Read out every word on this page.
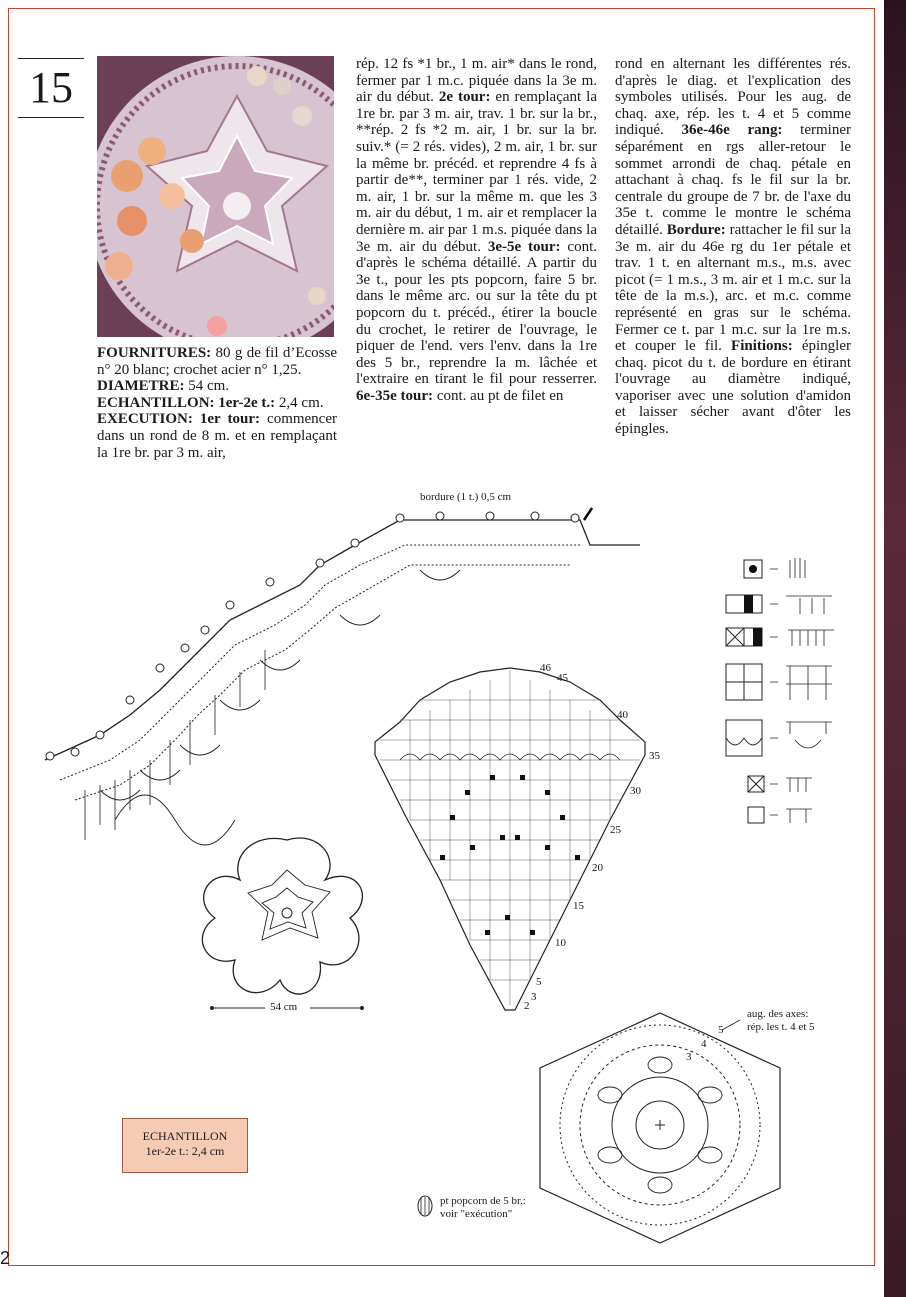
2
15
FOURNITURES: 80 g de fil d’Ecosse n° 20 blanc; crochet acier n° 1,25.
DIAMETRE: 54 cm.
ECHANTILLON: 1er-2e t.: 2,4 cm.
EXECUTION: 1er tour: commencer dans un rond de 8 m. et en remplaçant la 1re br. par 3 m. air,
rép. 12 fs *1 br., 1 m. air* dans le rond, fermer par 1 m.c. piquée dans la 3e m. air du début. 2e tour: en remplaçant la 1re br. par 3 m. air, trav. 1 br. sur la br., **rép. 2 fs *2 m. air, 1 br. sur la br. suiv.* (= 2 rés. vides), 2 m. air, 1 br. sur la même br. précéd. et reprendre 4 fs à partir de**, terminer par 1 rés. vide, 2 m. air, 1 br. sur la même m. que les 3 m. air du début, 1 m. air et remplacer la dernière m. air par 1 m.s. piquée dans la 3e m. air du début. 3e-5e tour: cont. d'après le schéma détaillé. A partir du 3e t., pour les pts popcorn, faire 5 br. dans le même arc. ou sur la tête du pt popcorn du t. précéd., étirer la boucle du crochet, le retirer de l'ouvrage, le piquer de l'end. vers l'env. dans la 1re des 5 br., reprendre la m. lâchée et l'extraire en tirant le fil pour resserrer. 6e-35e tour: cont. au pt de filet en
rond en alternant les différentes rés. d'après le diag. et l'explication des symboles utilisés. Pour les aug. de chaq. axe, rép. les t. 4 et 5 comme indiqué. 36e-46e rang: terminer séparément en rgs aller-retour le sommet arrondi de chaq. pétale en attachant à chaq. fs le fil sur la br. centrale du groupe de 7 br. de l'axe du 35e t. comme le montre le schéma détaillé. Bordure: rattacher le fil sur la 3e m. air du 46e rg du 1er pétale et trav. 1 t. en alternant m.s., m.s. avec picot (= 1 m.s., 3 m. air et 1 m.c. sur la tête de la m.s.), arc. et m.c. comme représenté en gras sur le schéma. Fermer ce t. par 1 m.c. sur la 1re m.s. et couper le fil. Finitions: épingler chaq. picot du t. de bordure en étirant l'ouvrage au diamètre indiqué, vaporiser avec une solution d'amidon et laisser sécher avant d'ôter les épingles.
bordure (1 t.) 0,5 cm
54 cm
aug. des axes:
rép. les t. 4 et 5
pt popcorn de 5 br.:
voir "exécution"
46
45
40
35
30
25
20
15
10
5
3
2
5
4
3
ECHANTILLON
1er-2e t.: 2,4 cm
